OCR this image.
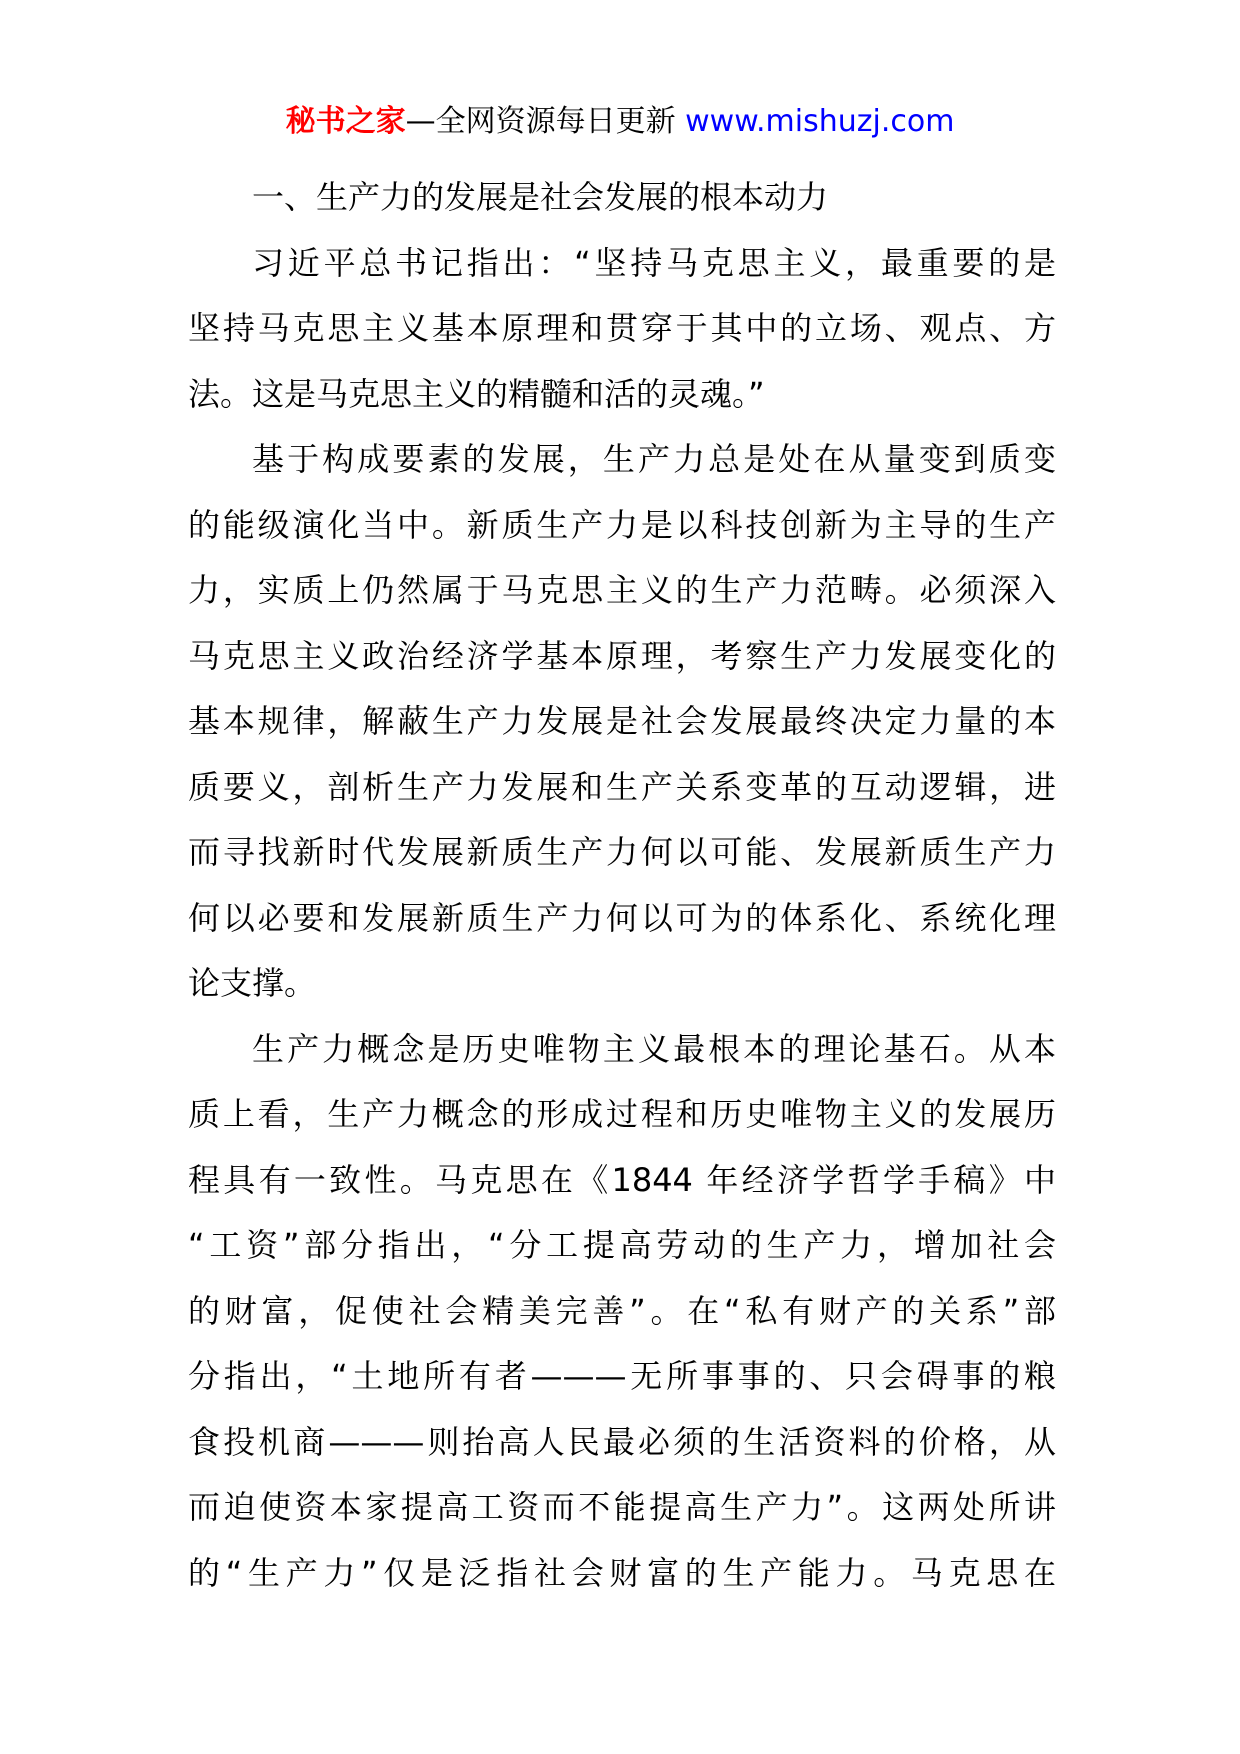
秘书之家—全网资源每日更新 www.mishuzj.com
一、生产力的发展是社会发展的根本动力
习近平总书记指出：“坚持马克思主义，最重要的是
坚持马克思主义基本原理和贯穿于其中的立场、观点、方
法。这是马克思主义的精髓和活的灵魂。”
基于构成要素的发展，生产力总是处在从量变到质变
的能级演化当中。新质生产力是以科技创新为主导的生产
力，实质上仍然属于马克思主义的生产力范畴。必须深入
马克思主义政治经济学基本原理，考察生产力发展变化的
基本规律，解蔽生产力发展是社会发展最终决定力量的本
质要义，剖析生产力发展和生产关系变革的互动逻辑，进
而寻找新时代发展新质生产力何以可能、发展新质生产力
何以必要和发展新质生产力何以可为的体系化、系统化理
论支撑。
生产力概念是历史唯物主义最根本的理论基石。从本
质上看，生产力概念的形成过程和历史唯物主义的发展历
程具有一致性。马克思在《1844 年经济学哲学手稿》中
“工资”部分指出，“分工提高劳动的生产力，增加社会
的财富，促使社会精美完善”。在“私有财产的关系”部
分指出，“土地所有者———无所事事的、只会碍事的粮
食投机商———则抬高人民最必须的生活资料的价格，从
而迫使资本家提高工资而不能提高生产力”。这两处所讲
的“生产力”仅是泛指社会财富的生产能力。马克思在
